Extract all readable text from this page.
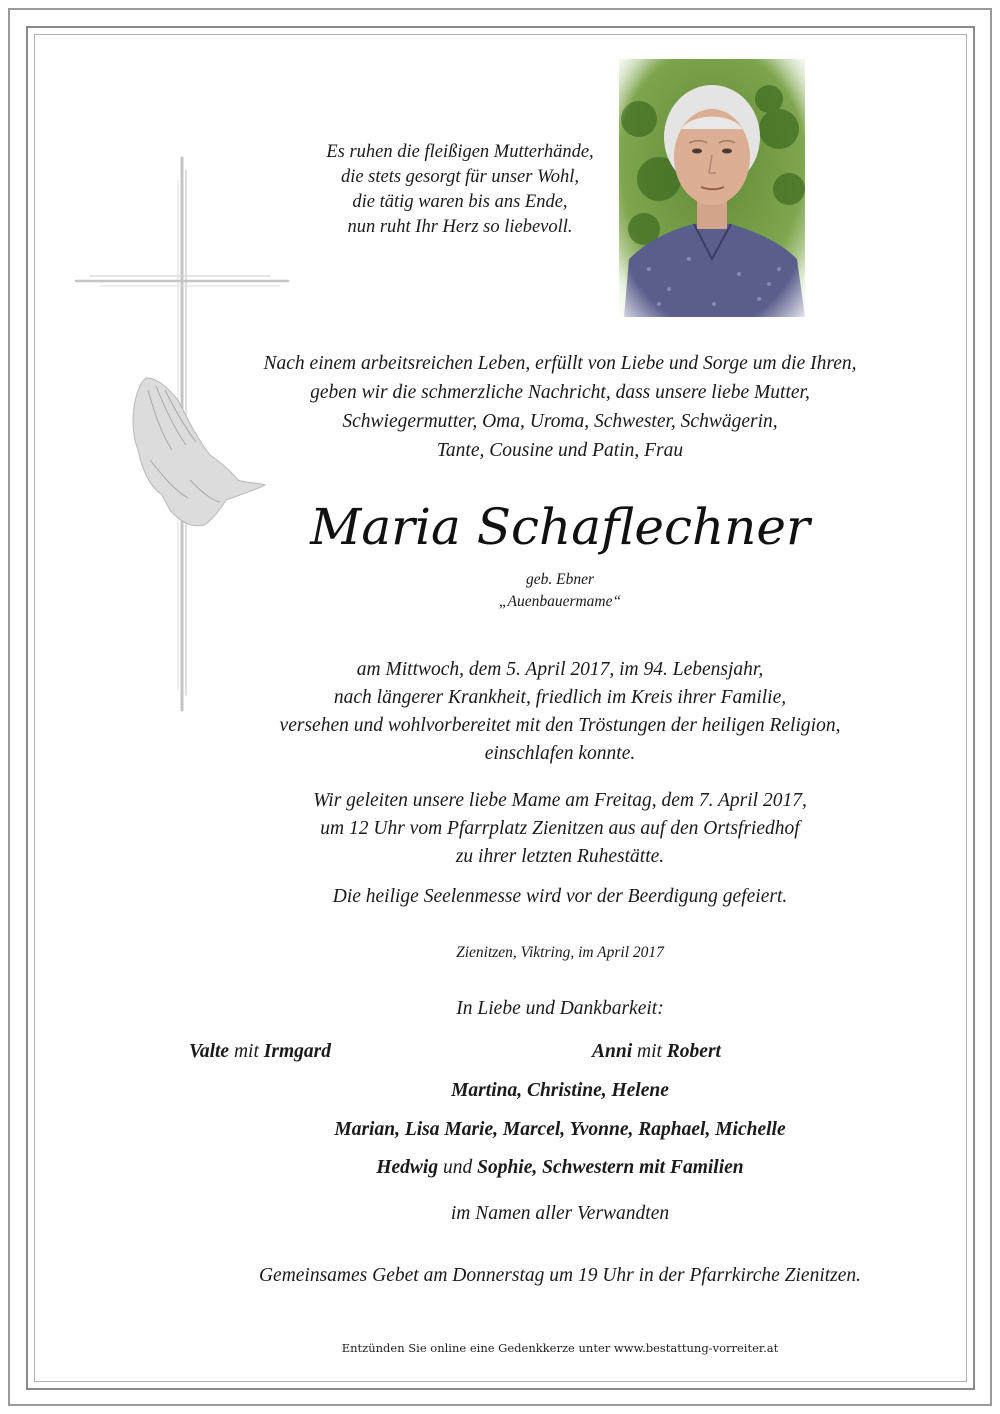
Es ruhen die fleißigen Mutterhände,
die stets gesorgt für unser Wohl,
die tätig waren bis ans Ende,
nun ruht Ihr Herz so liebevoll.
Nach einem arbeitsreichen Leben, erfüllt von Liebe und Sorge um die Ihren,
geben wir die schmerzliche Nachricht, dass unsere liebe Mutter,
Schwiegermutter, Oma, Uroma, Schwester, Schwägerin,
Tante, Cousine und Patin, Frau
Maria Schaflechner
geb. Ebner
„Auenbauermame“
am Mittwoch, dem 5. April 2017, im 94. Lebensjahr,
nach längerer Krankheit, friedlich im Kreis ihrer Familie,
versehen und wohlvorbereitet mit den Tröstungen der heiligen Religion,
einschlafen konnte.
Wir geleiten unsere liebe Mame am Freitag, dem 7. April 2017,
um 12 Uhr vom Pfarrplatz Zienitzen aus auf den Ortsfriedhof
zu ihrer letzten Ruhestätte.
Die heilige Seelenmesse wird vor der Beerdigung gefeiert.
Zienitzen, Viktring, im April 2017
In Liebe und Dankbarkeit:
Valte mit Irmgard	Anni mit Robert
Martina, Christine, Helene
Marian, Lisa Marie, Marcel, Yvonne, Raphael, Michelle
Hedwig und Sophie, Schwestern mit Familien
im Namen aller Verwandten
Gemeinsames Gebet am Donnerstag um 19 Uhr in der Pfarrkirche Zienitzen.
Entzünden Sie online eine Gedenkkerze unter www.bestattung-vorreiter.at
